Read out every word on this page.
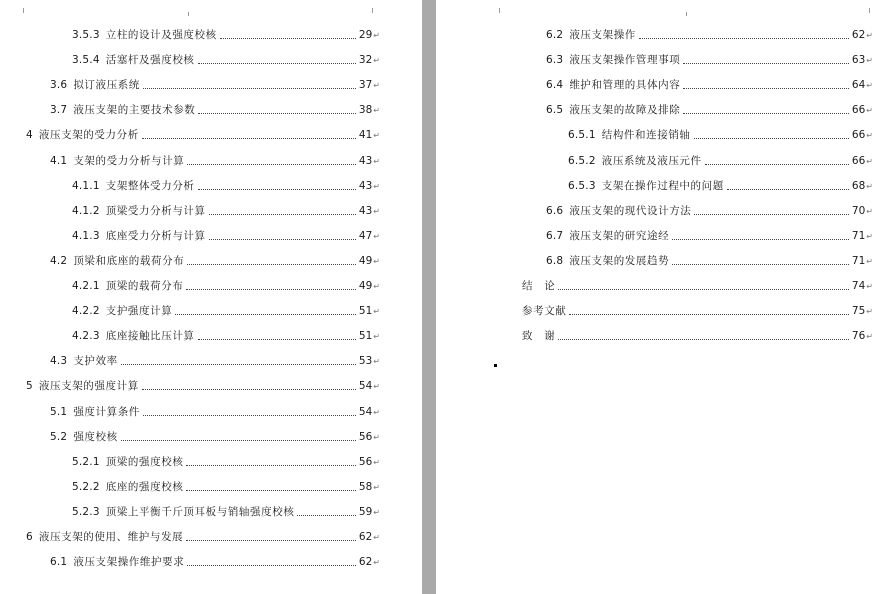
3.5.3 立柱的设计及强度校核	29 ↵
3.5.4 活塞杆及强度校核	32 ↵
3.6 拟订液压系统	37 ↵
3.7 液压支架的主要技术参数	38 ↵
4 液压支架的受力分析	41 ↵
4.1 支架的受力分析与计算	43 ↵
4.1.1 支架整体受力分析	43 ↵
4.1.2 顶梁受力分析与计算	43 ↵
4.1.3 底座受力分析与计算	47 ↵
4.2 顶梁和底座的载荷分布	49 ↵
4.2.1 顶梁的载荷分布	49 ↵
4.2.2 支护强度计算	51 ↵
4.2.3 底座接触比压计算	51 ↵
4.3 支护效率	53 ↵
5 液压支架的强度计算	54 ↵
5.1 强度计算条件	54 ↵
5.2 强度校核	56 ↵
5.2.1 顶梁的强度校核	56 ↵
5.2.2 底座的强度校核	58 ↵
5.2.3 顶梁上平衡千斤顶耳板与销轴强度校核	59 ↵
6 液压支架的使用、维护与发展	62 ↵
6.1 液压支架操作维护要求	62 ↵
6.2 液压支架操作	62 ↵
6.3 液压支架操作管理事项	63 ↵
6.4 维护和管理的具体内容	64 ↵
6.5 液压支架的故障及排除	66 ↵
6.5.1 结构件和连接销轴	66 ↵
6.5.2 液压系统及液压元件	66 ↵
6.5.3 支架在操作过程中的问题	68 ↵
6.6 液压支架的现代设计方法	70 ↵
6.7 液压支架的研究途经	71 ↵
6.8 液压支架的发展趋势	71 ↵
结　论	74 ↵
参考文献	75 ↵
致　谢	76 ↵
